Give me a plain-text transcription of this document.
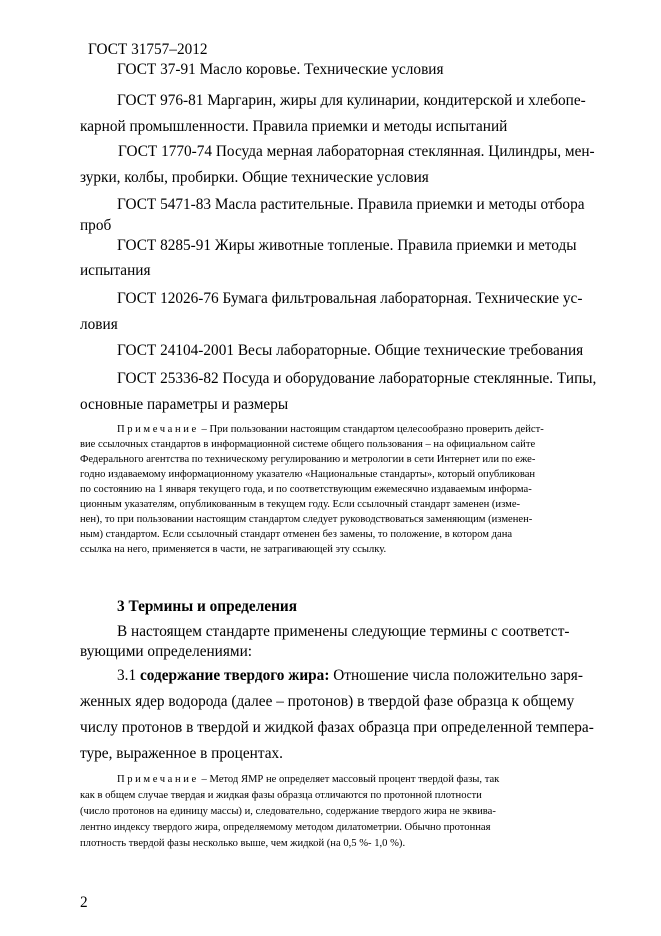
ГОСТ 31757–2012
ГОСТ 37-91 Масло коровье. Технические условия
ГОСТ 976-81 Маргарин, жиры для кулинарии, кондитерской и хлебопе-
карной промышленности. Правила приемки и методы испытаний
ГОСТ 1770-74 Посуда мерная лабораторная стеклянная. Цилиндры, мен-
зурки, колбы, пробирки. Общие технические условия
ГОСТ 5471-83 Масла растительные. Правила приемки и методы отбора
проб
ГОСТ 8285-91 Жиры животные топленые. Правила приемки и методы
испытания
ГОСТ 12026-76 Бумага фильтровальная лабораторная. Технические ус-
ловия
ГОСТ 24104-2001 Весы лабораторные. Общие технические требования
ГОСТ 25336-82 Посуда и оборудование лабораторные стеклянные. Типы,
основные параметры и размеры
Примечание – При пользовании настоящим стандартом целесообразно проверить дейст-
вие ссылочных стандартов в информационной системе общего пользования – на официальном сайте
Федерального агентства по техническому регулированию и метрологии в сети Интернет или по еже-
годно издаваемому информационному указателю «Национальные стандарты», который опубликован
по состоянию на 1 января текущего года, и по соответствующим ежемесячно издаваемым информа-
ционным указателям, опубликованным в текущем году. Если ссылочный стандарт заменен (изме-
нен), то при пользовании настоящим стандартом следует руководствоваться заменяющим (изменен-
ным) стандартом. Если ссылочный стандарт отменен без замены, то положение, в котором дана
ссылка на него, применяется в части, не затрагивающей эту ссылку.
3 Термины и определения
В настоящем стандарте применены следующие термины с соответст-
вующими определениями:
3.1 содержание твердого жира: Отношение числа положительно заря-
женных ядер водорода (далее – протонов) в твердой фазе образца к общему
числу протонов в твердой и жидкой фазах образца при определенной темпера-
туре, выраженное в процентах.
Примечание – Метод ЯМР не определяет массовый процент твердой фазы, так
как в общем случае твердая и жидкая фазы образца отличаются по протонной плотности
(число протонов на единицу массы) и, следовательно, содержание твердого жира не эквива-
лентно индексу твердого жира, определяемому методом дилатометрии. Обычно протонная
плотность твердой фазы несколько выше, чем жидкой (на 0,5 %- 1,0 %).
2
